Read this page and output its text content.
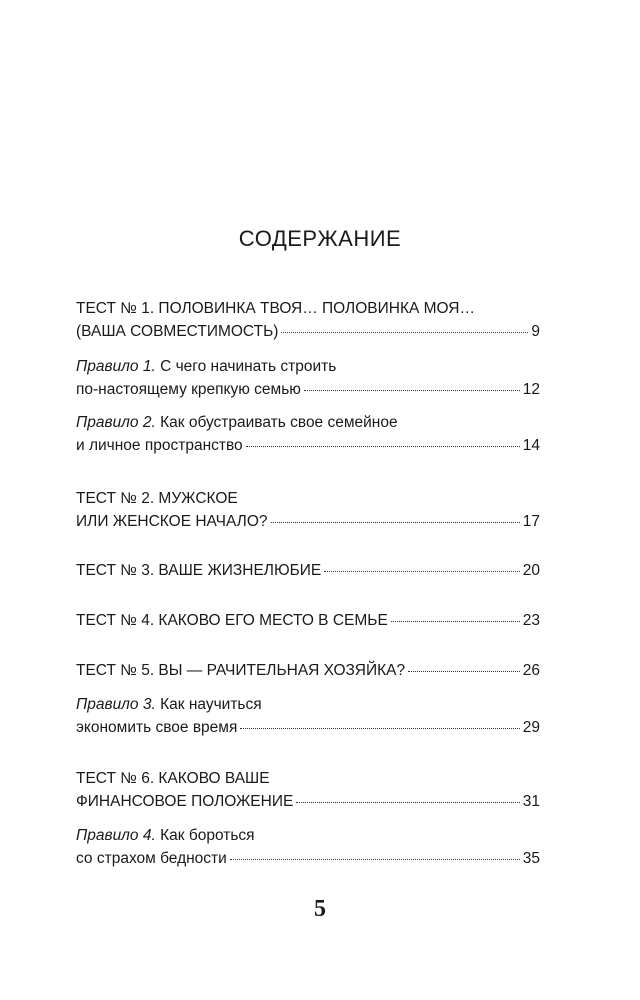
СОДЕРЖАНИЕ
ТЕСТ № 1. ПОЛОВИНКА ТВОЯ… ПОЛОВИНКА МОЯ…
(ВАША СОВМЕСТИМОСТЬ)	9
Правило 1. С чего начинать строить
по-настоящему крепкую семью	12
Правило 2. Как обустраивать свое семейное
и личное пространство	14
ТЕСТ № 2. МУЖСКОЕ
ИЛИ ЖЕНСКОЕ НАЧАЛО?	17
ТЕСТ № 3. ВАШЕ ЖИЗНЕЛЮБИЕ	20
ТЕСТ № 4. КАКОВО ЕГО МЕСТО В СЕМЬЕ	23
ТЕСТ № 5. ВЫ — РАЧИТЕЛЬНАЯ ХОЗЯЙКА?	26
Правило 3. Как научиться
экономить свое время	29
ТЕСТ № 6. КАКОВО ВАШЕ
ФИНАНСОВОЕ ПОЛОЖЕНИЕ	31
Правило 4. Как бороться
со страхом бедности	35
5
